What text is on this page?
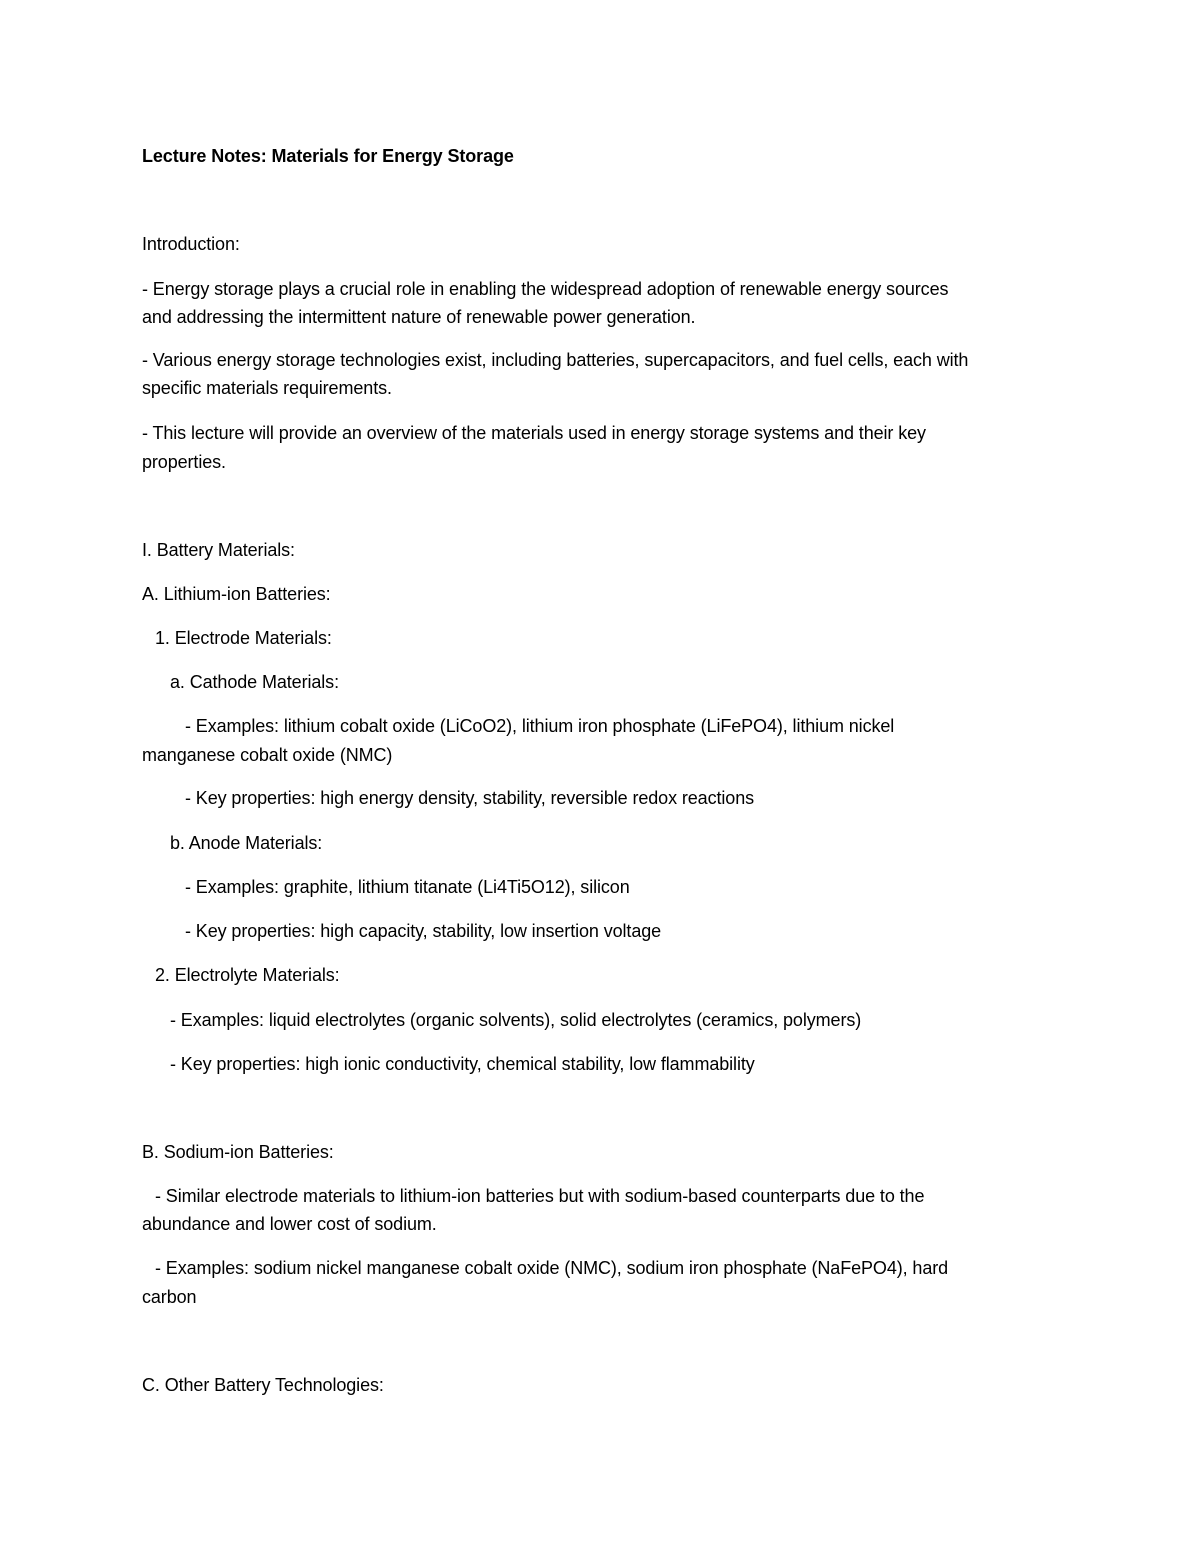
Lecture Notes: Materials for Energy Storage
Introduction:
- Energy storage plays a crucial role in enabling the widespread adoption of renewable energy sources
and addressing the intermittent nature of renewable power generation.
- Various energy storage technologies exist, including batteries, supercapacitors, and fuel cells, each with
specific materials requirements.
- This lecture will provide an overview of the materials used in energy storage systems and their key
properties.
I. Battery Materials:
A. Lithium-ion Batteries:
1. Electrode Materials:
a. Cathode Materials:
- Examples: lithium cobalt oxide (LiCoO2), lithium iron phosphate (LiFePO4), lithium nickel
manganese cobalt oxide (NMC)
- Key properties: high energy density, stability, reversible redox reactions
b. Anode Materials:
- Examples: graphite, lithium titanate (Li4Ti5O12), silicon
- Key properties: high capacity, stability, low insertion voltage
2. Electrolyte Materials:
- Examples: liquid electrolytes (organic solvents), solid electrolytes (ceramics, polymers)
- Key properties: high ionic conductivity, chemical stability, low flammability
B. Sodium-ion Batteries:
- Similar electrode materials to lithium-ion batteries but with sodium-based counterparts due to the
abundance and lower cost of sodium.
- Examples: sodium nickel manganese cobalt oxide (NMC), sodium iron phosphate (NaFePO4), hard
carbon
C. Other Battery Technologies:
